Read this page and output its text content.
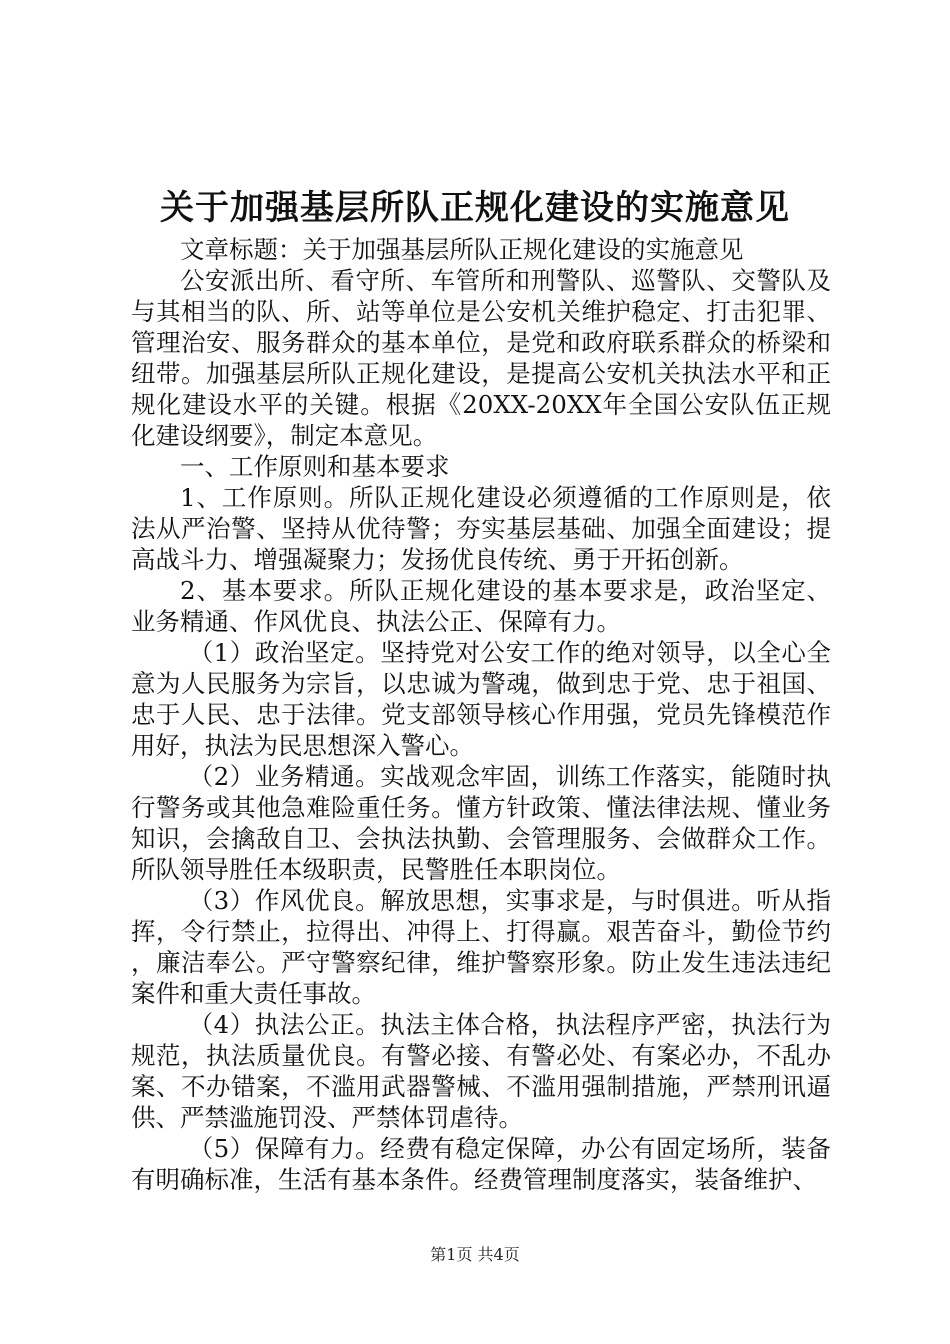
关于加强基层所队正规化建设的实施意见

文章标题：关于加强基层所队正规化建设的实施意见

公安派出所、看守所、车管所和刑警队、巡警队、交警队及与其相当的队、所、站等单位是公安机关维护稳定、打击犯罪、管理治安、服务群众的基本单位，是党和政府联系群众的桥梁和纽带。加强基层所队正规化建设，是提高公安机关执法水平和正规化建设水平的关键。根据《20XX-20XX年全国公安队伍正规化建设纲要》，制定本意见。

一、工作原则和基本要求

1、工作原则。所队正规化建设必须遵循的工作原则是，依法从严治警、坚持从优待警；夯实基层基础、加强全面建设；提高战斗力、增强凝聚力；发扬优良传统、勇于开拓创新。

2、基本要求。所队正规化建设的基本要求是，政治坚定、业务精通、作风优良、执法公正、保障有力。

（1）政治坚定。坚持党对公安工作的绝对领导，以全心全意为人民服务为宗旨，以忠诚为警魂，做到忠于党、忠于祖国、忠于人民、忠于法律。党支部领导核心作用强，党员先锋模范作用好，执法为民思想深入警心。

（2）业务精通。实战观念牢固，训练工作落实，能随时执行警务或其他急难险重任务。懂方针政策、懂法律法规、懂业务知识，会擒敌自卫、会执法执勤、会管理服务、会做群众工作。所队领导胜任本级职责，民警胜任本职岗位。

（3）作风优良。解放思想，实事求是，与时俱进。听从指挥，令行禁止，拉得出、冲得上、打得赢。艰苦奋斗，勤俭节约，廉洁奉公。严守警察纪律，维护警察形象。防止发生违法违纪案件和重大责任事故。

（4）执法公正。执法主体合格，执法程序严密，执法行为规范，执法质量优良。有警必接、有警必处、有案必办，不乱办案、不办错案，不滥用武器警械、不滥用强制措施，严禁刑讯逼供、严禁滥施罚没、严禁体罚虐待。

（5）保障有力。经费有稳定保障，办公有固定场所，装备有明确标准，生活有基本条件。经费管理制度落实，装备维护、

第1页 共4页
